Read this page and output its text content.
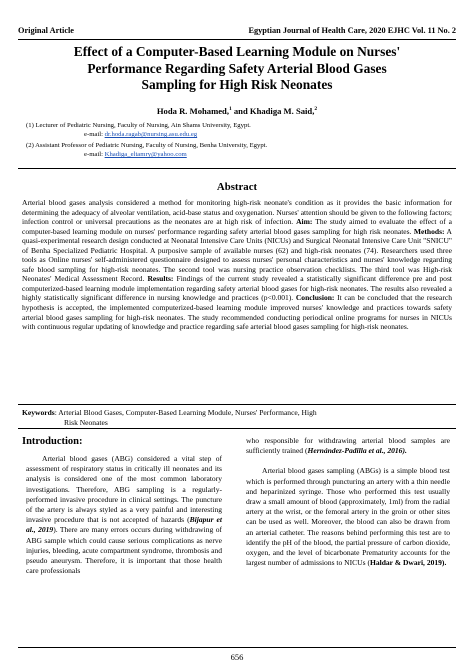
Original Article	Egyptian Journal of Health Care, 2020 EJHC Vol. 11 No. 2
Effect of a Computer-Based Learning Module on Nurses'
Performance Regarding Safety Arterial Blood Gases
Sampling for High Risk Neonates
Hoda R. Mohamed,$^1$ and Khadiga M. Said,$^2$
(1) Lecturer of Pediatric Nursing, Faculty of Nursing, Ain Shams University, Egypt.
e-mail: dr.hoda.ragab@nursing.asu.edu.eg
(2) Assistant Professor of Pediatric Nursing, Faculty of Nursing, Benha University, Egypt.
e-mail: Khadiga_eltamry@yahoo.com
Abstract
Arterial blood gases analysis considered a method for monitoring high-risk neonate's condition as it provides the basic information for determining the adequacy of alveolar ventilation, acid-base status and oxygenation. Nurses' attention should be given to the following factors; infection control or universal precautions as the neonates are at high risk of infection. Aim: The study aimed to evaluate the effect of a computer-based learning module on nurses' performance regarding safety arterial blood gases sampling for high risk neonates. Methods: A quasi-experimental research design conducted at Neonatal Intensive Care Units (NICUs) and Surgical Neonatal Intensive Care Unit "SNICU" of Benha Specialized Pediatric Hospital. A purposive sample of available nurses (62) and high-risk neonates (74). Researchers used three tools as Online nurses' self-administered questionnaire designed to assess nurses' personal characteristics and nurses' knowledge regarding safe blood sampling for high-risk neonates. The second tool was nursing practice observation checklists. The third tool was High-risk Neonates' Medical Assessment Record. Results: Findings of the current study revealed a statistically significant difference pre and post computerized-based learning module implementation regarding safety arterial blood gases for high-risk neonates. The results also revealed a highly statistically significant difference in nursing knowledge and practices (p<0.001). Conclusion: It can be concluded that the research hypothesis is accepted, the implemented computerized-based learning module improved nurses' knowledge and practices towards safety arterial blood gases sampling for high-risk neonates. The study recommended conducting periodical online programs for nurses in NICUs with continuous regular updating of knowledge and practice regarding safe arterial blood gases sampling for high-risk neonates.
Keywords: Arterial Blood Gases, Computer-Based Learning Module, Nurses' Performance, High
Risk Neonates
Introduction:

Arterial blood gases (ABG) considered a vital step of assessment of respiratory status in critically ill neonates and its analysis is considered one of the most common laboratory investigations. Therefore, ABG sampling is a regularly-performed invasive procedure in clinical settings. The puncture of the artery is always styled as a very painful and interesting invasive procedure that is not accepted of hazards (Bijapur et al., 2019). There are many errors occurs during withdrawing of ABG sample which could cause serious complications as nerve injuries, bleeding, acute compartment syndrome, thrombosis and pseudo aneurysm. Therefore, it is important that those health care professionals

who responsible for withdrawing arterial blood samples are sufficiently trained (Hernández-Padilla et al., 2016).

Arterial blood gases sampling (ABGs) is a simple blood test which is performed through puncturing an artery with a thin needle and heparinized syringe. Those who performed this test usually draw a small amount of blood (approximately, 1ml) from the radial artery at the wrist, or the femoral artery in the groin or other sites can be used as well. Moreover, the blood can also be drawn from an arterial catheter. The reasons behind performing this test are to identify the pH of the blood, the partial pressure of carbon dioxide, oxygen, and the level of bicarbonate Prematurity accounts for the largest number of admissions to NICUs (Haldar & Dwari, 2019).

656
